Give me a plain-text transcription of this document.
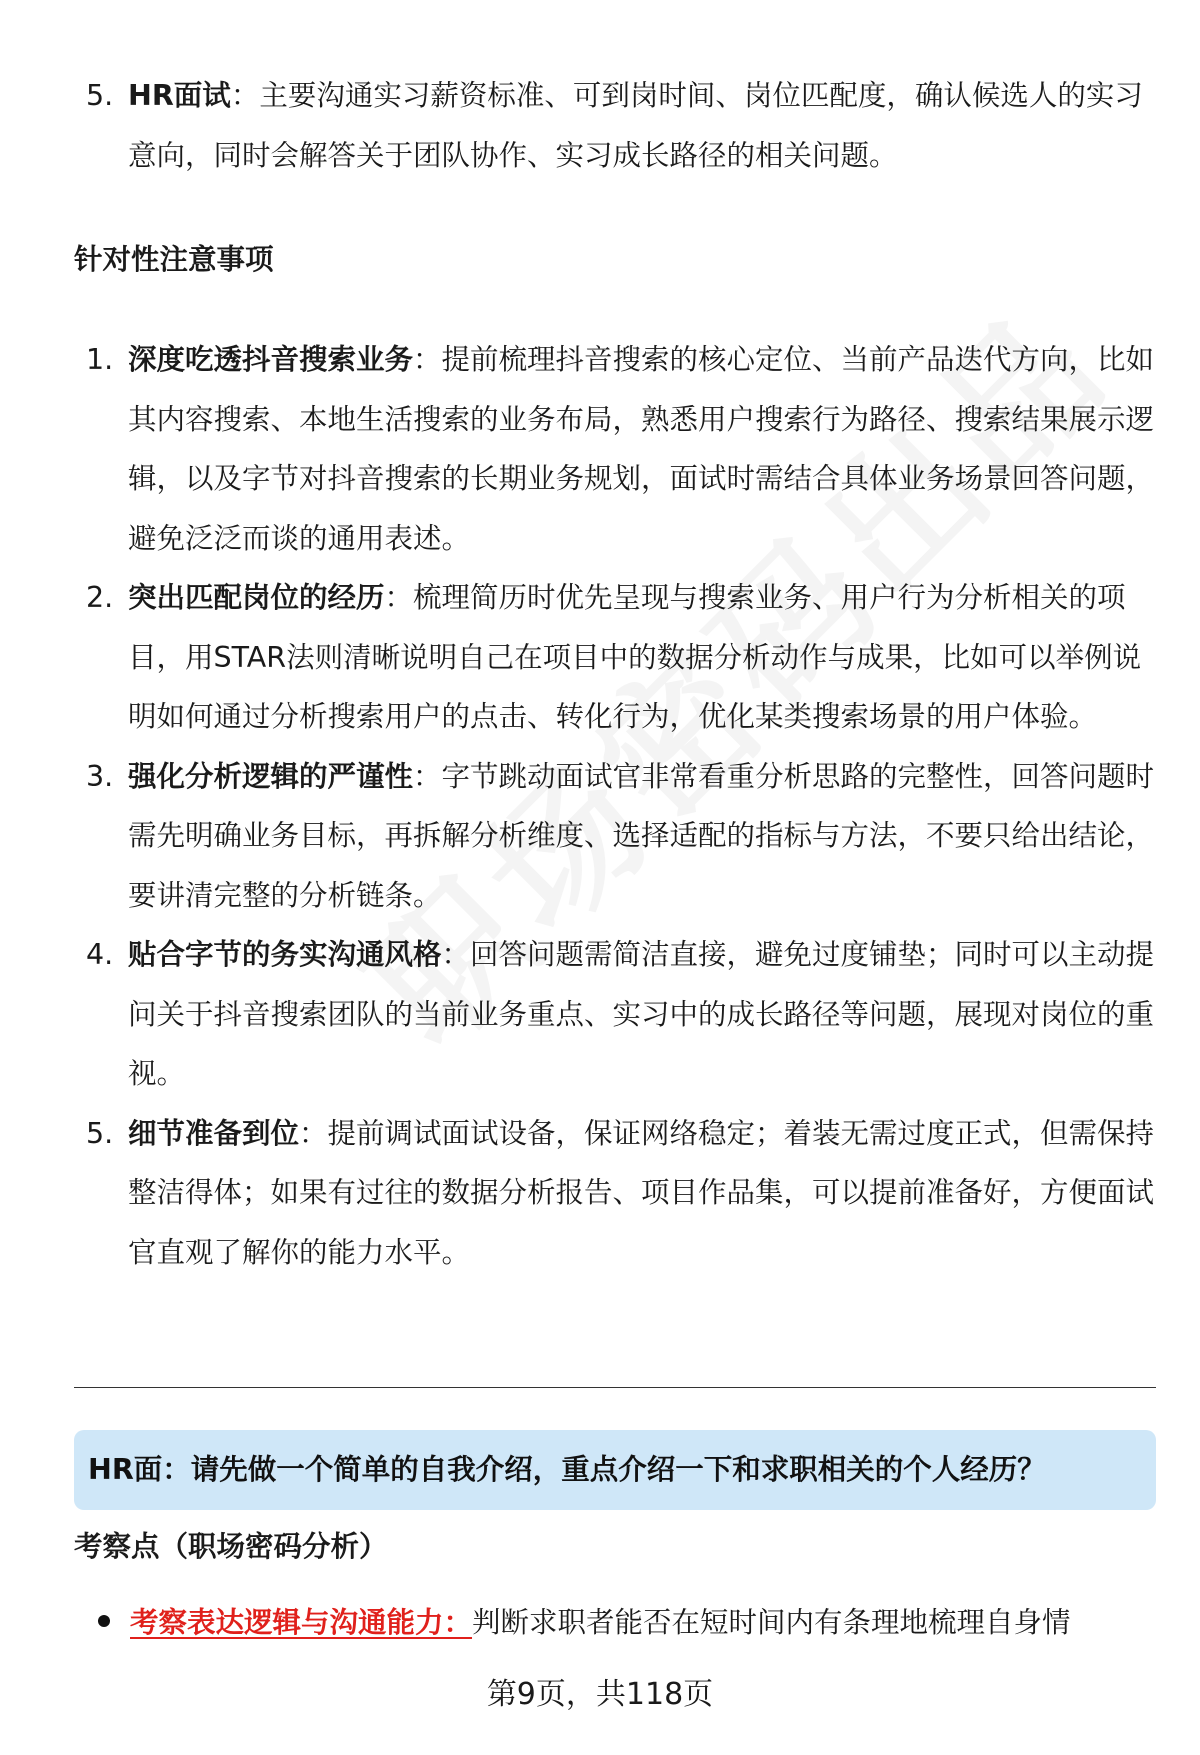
5. HR面试：主要沟通实习薪资标准、可到岗时间、岗位匹配度，确认候选人的实习意向，同时会解答关于团队协作、实习成长路径的相关问题。
针对性注意事项
1. 深度吃透抖音搜索业务：提前梳理抖音搜索的核心定位、当前产品迭代方向，比如其内容搜索、本地生活搜索的业务布局，熟悉用户搜索行为路径、搜索结果展示逻辑，以及字节对抖音搜索的长期业务规划，面试时需结合具体业务场景回答问题，避免泛泛而谈的通用表述。
2. 突出匹配岗位的经历：梳理简历时优先呈现与搜索业务、用户行为分析相关的项目，用STAR法则清晰说明自己在项目中的数据分析动作与成果，比如可以举例说明如何通过分析搜索用户的点击、转化行为，优化某类搜索场景的用户体验。
3. 强化分析逻辑的严谨性：字节跳动面试官非常看重分析思路的完整性，回答问题时需先明确业务目标，再拆解分析维度、选择适配的指标与方法，不要只给出结论，要讲清完整的分析链条。
4. 贴合字节的务实沟通风格：回答问题需简洁直接，避免过度铺垫；同时可以主动提问关于抖音搜索团队的当前业务重点、实习中的成长路径等问题，展现对岗位的重视。
5. 细节准备到位：提前调试面试设备，保证网络稳定；着装无需过度正式，但需保持整洁得体；如果有过往的数据分析报告、项目作品集，可以提前准备好，方便面试官直观了解你的能力水平。
HR面：请先做一个简单的自我介绍，重点介绍一下和求职相关的个人经历？
考察点（职场密码分析）
考察表达逻辑与沟通能力：判断求职者能否在短时间内有条理地梳理自身情
第9页，共118页
